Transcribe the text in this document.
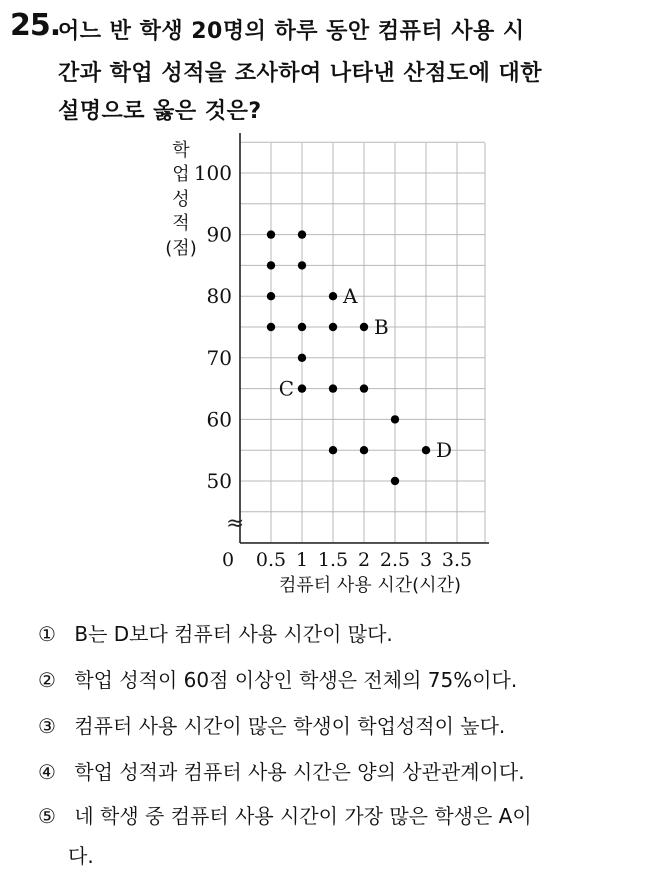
25.
어느 반 학생 20명의 하루 동안 컴퓨터 사용 시
간과 학업 성적을 조사하여 나타낸 산점도에 대한
설명으로 옳은 것은?
≈
50
60
70
80
90
100
0 0.5 1 1.5 2 2.5 3 3.5
학
업
성
적
(점)
컴퓨터 사용 시간(시간)
A
B
C
D
① B는 D보다 컴퓨터 사용 시간이 많다.
② 학업 성적이 60점 이상인 학생은 전체의 75%이다.
③ 컴퓨터 사용 시간이 많은 학생이 학업성적이 높다.
④ 학업 성적과 컴퓨터 사용 시간은 양의 상관관계이다.
⑤ 네 학생 중 컴퓨터 사용 시간이 가장 많은 학생은 A이
다.
